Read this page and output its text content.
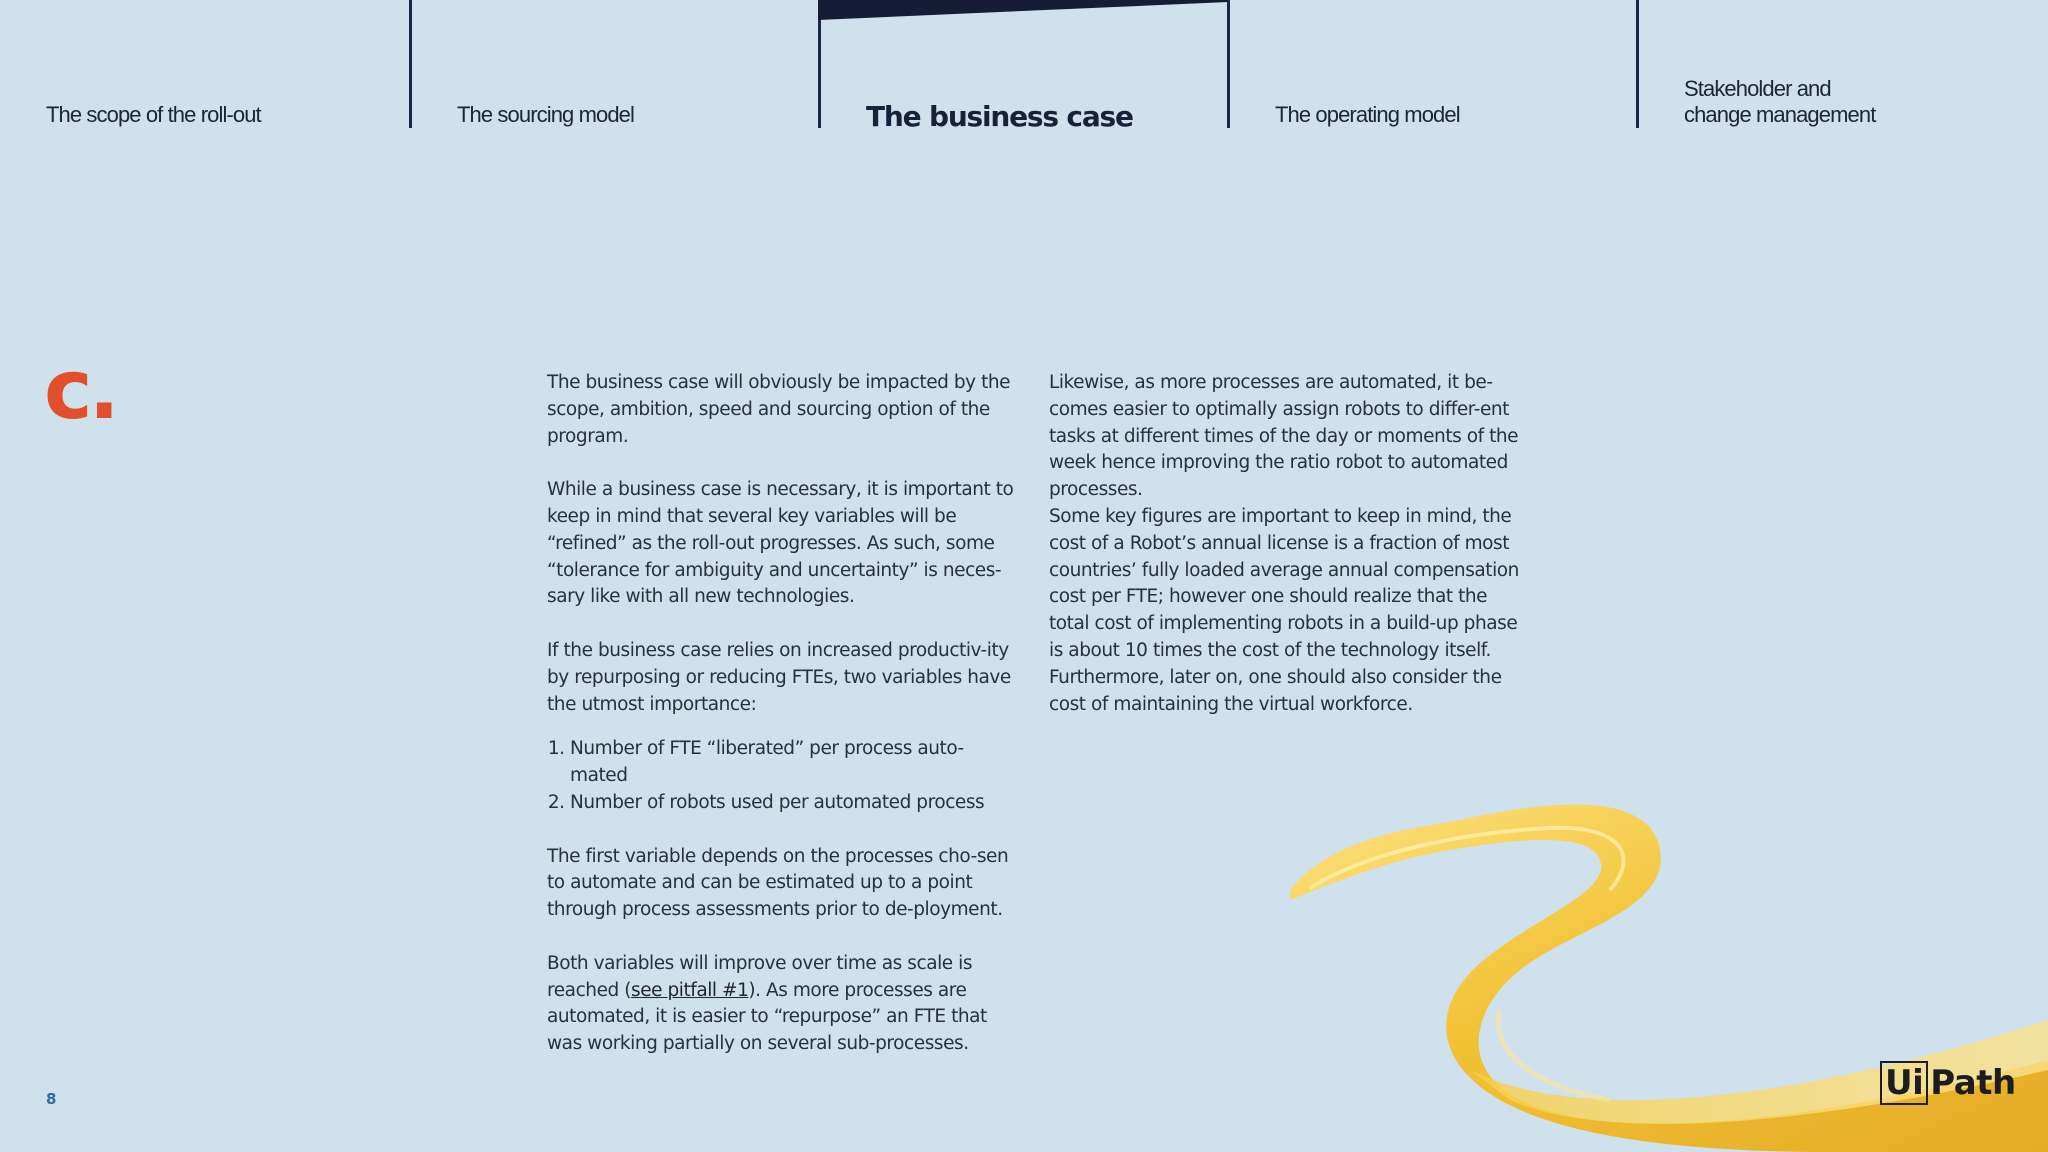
The scope of the roll-out	The sourcing model	The business case	The operating model
Stakeholder and
change management
c.	The business case will obviously be impacted by the scope, ambition, speed and sourcing option of the program.

While a business case is necessary, it is important to keep in mind that several key variables will be “refined” as the roll-out progresses. As such, some “tolerance for ambiguity and uncertainty” is neces-sary like with all new technologies.

If the business case relies on increased productiv-ity by repurposing or reducing FTEs, two variables have the utmost importance:

1. Number of FTE “liberated” per process auto-mated
2. Number of robots used per automated process

The first variable depends on the processes cho-sen to automate and can be estimated up to a point through process assessments prior to de-ployment.

Both variables will improve over time as scale is reached (see pitfall #1). As more processes are automated, it is easier to “repurpose” an FTE that was working partially on several sub-processes.

Likewise, as more processes are automated, it be-comes easier to optimally assign robots to differ-ent tasks at different times of the day or moments of the week hence improving the ratio robot to automated processes.

Some key figures are important to keep in mind, the cost of a Robot’s annual license is a fraction of most countries’ fully loaded average annual compensation cost per FTE; however one should realize that the total cost of implementing robots in a build-up phase is about 10 times the cost of the technology itself. Furthermore, later on, one should also consider the cost of maintaining the virtual workforce.

8	Ui Path
